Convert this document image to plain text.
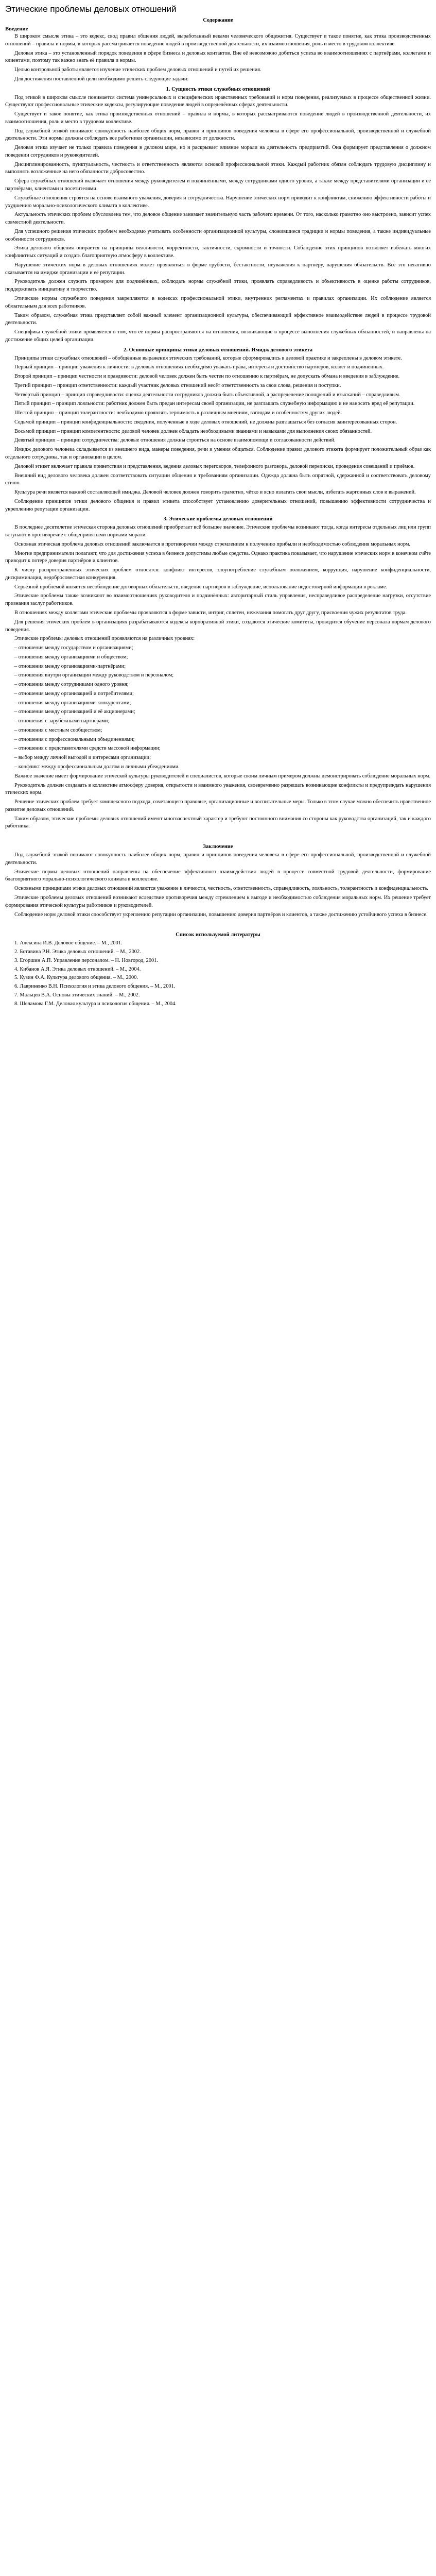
Этические проблемы деловых отношений
Содержание
Введение

В широком смысле этика – это кодекс, свод правил общения людей, выработанный веками человеческого общежития. Существует и такое понятие, как этика производственных отношений – правила и нормы, в которых рассматривается поведение людей в производственной деятельности, их взаимоотношения, роль и место в трудовом коллективе.

Деловая этика – это установленный порядок поведения в сфере бизнеса и деловых контактов. Вне её невозможно добиться успеха во взаимоотношениях с партнёрами, коллегами и клиентами, поэтому так важно знать её правила и нормы.

Целью контрольной работы является изучение этических проблем деловых отношений и путей их решения.

Для достижения поставленной цели необходимо решить следующие задачи:

1. Сущность этики служебных отношений

Под этикой в широком смысле понимается система универсальных и специфических нравственных требований и норм поведения, реализуемых в процессе общественной жизни. Существуют профессиональные этические кодексы, регулирующие поведение людей в определённых сферах деятельности.

Существует и такое понятие, как этика производственных отношений – правила и нормы, в которых рассматриваются поведение людей в производственной деятельности, их взаимоотношения, роль и место в трудовом коллективе.

Под служебной этикой понимают совокупность наиболее общих норм, правил и принципов поведения человека в сфере его профессиональной, производственной и служебной деятельности. Эти нормы должны соблюдать все работники организации, независимо от должности.

Деловая этика изучает не только правила поведения в деловом мире, но и раскрывает влияние морали на деятельность предприятий. Она формирует представления о должном поведении сотрудников и руководителей.

Дисциплинированность, пунктуальность, честность и ответственность являются основой профессиональной этики. Каждый работник обязан соблюдать трудовую дисциплину и выполнять возложенные на него обязанности добросовестно.

Сфера служебных отношений включает отношения между руководителем и подчинёнными, между сотрудниками одного уровня, а также между представителями организации и её партнёрами, клиентами и посетителями.

Служебные отношения строятся на основе взаимного уважения, доверия и сотрудничества. Нарушение этических норм приводит к конфликтам, снижению эффективности работы и ухудшению морально-психологического климата в коллективе.

Актуальность этических проблем обусловлена тем, что деловое общение занимает значительную часть рабочего времени. От того, насколько грамотно оно выстроено, зависит успех совместной деятельности.

Для успешного решения этических проблем необходимо учитывать особенности организационной культуры, сложившиеся традиции и нормы поведения, а также индивидуальные особенности сотрудников.

Этика делового общения опирается на принципы вежливости, корректности, тактичности, скромности и точности. Соблюдение этих принципов позволяет избежать многих конфликтных ситуаций и создать благоприятную атмосферу в коллективе.

Нарушение этических норм в деловых отношениях может проявляться в форме грубости, бестактности, неуважения к партнёру, нарушения обязательств. Всё это негативно сказывается на имидже организации и её репутации.

Руководитель должен служить примером для подчинённых, соблюдать нормы служебной этики, проявлять справедливость и объективность в оценке работы сотрудников, поддерживать инициативу и творчество.

Этические нормы служебного поведения закрепляются в кодексах профессиональной этики, внутренних регламентах и правилах организации. Их соблюдение является обязательным для всех работников.

Таким образом, служебная этика представляет собой важный элемент организационной культуры, обеспечивающий эффективное взаимодействие людей в процессе трудовой деятельности.

Специфика служебной этики проявляется в том, что её нормы распространяются на отношения, возникающие в процессе выполнения служебных обязанностей, и направлены на достижение общих целей организации.

2. Основные принципы этики деловых отношений. Имидж делового этикета

Принципы этики служебных отношений – обобщённые выражения этических требований, которые сформировались в деловой практике и закреплены в деловом этикете.

Первый принцип – принцип уважения к личности: в деловых отношениях необходимо уважать права, интересы и достоинство партнёров, коллег и подчинённых.

Второй принцип – принцип честности и правдивости: деловой человек должен быть честен по отношению к партнёрам, не допускать обмана и введения в заблуждение.

Третий принцип – принцип ответственности: каждый участник деловых отношений несёт ответственность за свои слова, решения и поступки.

Четвёртый принцип – принцип справедливости: оценка деятельности сотрудников должна быть объективной, а распределение поощрений и взысканий – справедливым.

Пятый принцип – принцип лояльности: работник должен быть предан интересам своей организации, не разглашать служебную информацию и не наносить вред её репутации.

Шестой принцип – принцип толерантности: необходимо проявлять терпимость к различным мнениям, взглядам и особенностям других людей.

Седьмой принцип – принцип конфиденциальности: сведения, полученные в ходе деловых отношений, не должны разглашаться без согласия заинтересованных сторон.

Восьмой принцип – принцип компетентности: деловой человек должен обладать необходимыми знаниями и навыками для выполнения своих обязанностей.

Девятый принцип – принцип сотрудничества: деловые отношения должны строиться на основе взаимопомощи и согласованности действий.

Имидж делового человека складывается из внешнего вида, манеры поведения, речи и умения общаться. Соблюдение правил делового этикета формирует положительный образ как отдельного сотрудника, так и организации в целом.

Деловой этикет включает правила приветствия и представления, ведения деловых переговоров, телефонного разговора, деловой переписки, проведения совещаний и приёмов.

Внешний вид делового человека должен соответствовать ситуации общения и требованиям организации. Одежда должна быть опрятной, сдержанной и соответствовать деловому стилю.

Культура речи является важной составляющей имиджа. Деловой человек должен говорить грамотно, чётко и ясно излагать свои мысли, избегать жаргонных слов и выражений.

Соблюдение принципов этики делового общения и правил этикета способствует установлению доверительных отношений, повышению эффективности сотрудничества и укреплению репутации организации.

3. Этические проблемы деловых отношений

В последнее десятилетие этическая сторона деловых отношений приобретает всё большее значение. Этические проблемы возникают тогда, когда интересы отдельных лиц или групп вступают в противоречие с общепринятыми нормами морали.

Основная этическая проблема деловых отношений заключается в противоречии между стремлением к получению прибыли и необходимостью соблюдения моральных норм.

Многие предприниматели полагают, что для достижения успеха в бизнесе допустимы любые средства. Однако практика показывает, что нарушение этических норм в конечном счёте приводит к потере доверия партнёров и клиентов.

К числу распространённых этических проблем относятся: конфликт интересов, злоупотребление служебным положением, коррупция, нарушение конфиденциальности, дискриминация, недобросовестная конкуренция.

Серьёзной проблемой является несоблюдение договорных обязательств, введение партнёров в заблуждение, использование недостоверной информации в рекламе.

Этические проблемы также возникают во взаимоотношениях руководителя и подчинённых: авторитарный стиль управления, несправедливое распределение нагрузки, отсутствие признания заслуг работников.

В отношениях между коллегами этические проблемы проявляются в форме зависти, интриг, сплетен, нежелания помогать друг другу, присвоения чужих результатов труда.

Для решения этических проблем в организациях разрабатываются кодексы корпоративной этики, создаются этические комитеты, проводится обучение персонала нормам делового поведения.

Этические проблемы деловых отношений проявляются на различных уровнях:

– отношения между государством и организациями;
– отношения между организациями и обществом;
– отношения между организациями-партнёрами;
– отношения внутри организации между руководством и персоналом;
– отношения между сотрудниками одного уровня;
– отношения между организацией и потребителями;
– отношения между организациями-конкурентами;
– отношения между организацией и её акционерами;
– отношения с зарубежными партнёрами;
– отношения с местным сообществом;
– отношения с профессиональными объединениями;
– отношения с представителями средств массовой информации;
– выбор между личной выгодой и интересами организации;
– конфликт между профессиональным долгом и личными убеждениями.

Важное значение имеет формирование этической культуры руководителей и специалистов, которые своим личным примером должны демонстрировать соблюдение моральных норм.

Руководитель должен создавать в коллективе атмосферу доверия, открытости и взаимного уважения, своевременно разрешать возникающие конфликты и предупреждать нарушения этических норм.

Решение этических проблем требует комплексного подхода, сочетающего правовые, организационные и воспитательные меры. Только в этом случае можно обеспечить нравственное развитие деловых отношений.

Таким образом, этические проблемы деловых отношений имеют многоаспектный характер и требуют постоянного внимания со стороны как руководства организаций, так и каждого работника.

Заключение

Под служебной этикой понимают совокупность наиболее общих норм, правил и принципов поведения человека в сфере его профессиональной, производственной и служебной деятельности.

Этические нормы деловых отношений направлены на обеспечение эффективного взаимодействия людей в процессе совместной трудовой деятельности, формирование благоприятного морально-психологического климата в коллективе.

Основными принципами этики деловых отношений являются уважение к личности, честность, ответственность, справедливость, лояльность, толерантность и конфиденциальность.

Этические проблемы деловых отношений возникают вследствие противоречия между стремлением к выгоде и необходимостью соблюдения моральных норм. Их решение требует формирования этической культуры работников и руководителей.

Соблюдение норм деловой этики способствует укреплению репутации организации, повышению доверия партнёров и клиентов, а также достижению устойчивого успеха в бизнесе.

Список используемой литературы
1. Алексина И.В. Деловое общение. – М., 2001.
2. Ботавина Р.Н. Этика деловых отношений. – М., 2002.
3. Егоршин А.П. Управление персоналом. – Н. Новгород, 2001.
4. Кибанов А.Я. Этика деловых отношений. – М., 2004.
5. Кузин Ф.А. Культура делового общения. – М., 2000.
6. Лавриненко В.Н. Психология и этика делового общения. – М., 2001.
7. Мальцев В.А. Основы этических знаний. – М., 2002.
8. Шеламова Г.М. Деловая культура и психология общения. – М., 2004.
